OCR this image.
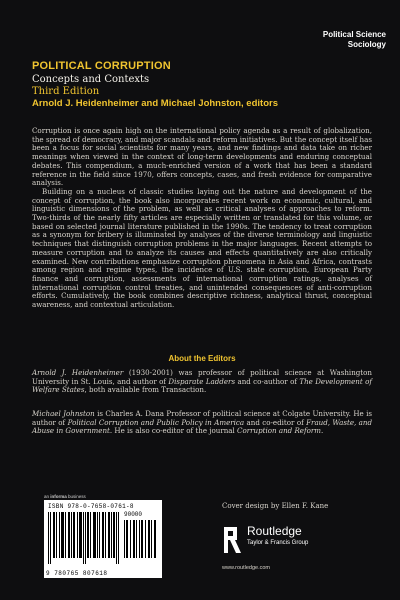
Political Science
Sociology
POLITICAL CORRUPTION
Concepts and Contexts
Third Edition
Arnold J. Heidenheimer and Michael Johnston, editors

Corruption is once again high on the international policy agenda as a result of globalization, the spread of democracy, and major scandals and reform initiatives. But the concept itself has been a focus for social scientists for many years, and new findings and data take on richer meanings when viewed in the context of long-term developments and enduring conceptual debates. This compendium, a much-enriched version of a work that has been a standard reference in the field since 1970, offers concepts, cases, and fresh evidence for comparative analysis.

Building on a nucleus of classic studies laying out the nature and development of the concept of corruption, the book also incorporates recent work on economic, cultural, and linguistic dimensions of the problem, as well as critical analyses of approaches to reform. Two-thirds of the nearly fifty articles are especially written or translated for this volume, or based on selected journal literature published in the 1990s. The tendency to treat corruption as a synonym for bribery is illuminated by analyses of the diverse terminology and linguistic techniques that distinguish corruption problems in the major languages. Recent attempts to measure corruption and to analyze its causes and effects quantitatively are also critically examined. New contributions emphasize corruption phenomena in Asia and Africa, contrasts among region and regime types, the incidence of U.S. state corruption, European Party finance and corruption, assessments of international corruption ratings, analyses of international corruption control treaties, and unintended consequences of anti-corruption efforts. Cumulatively, the book combines descriptive richness, analytical thrust, conceptual awareness, and contextual articulation.

About the Editors
Arnold J. Heidenheimer (1930-2001) was professor of political science at Washington University in St. Louis, and author of Disparate Ladders and co-author of The Development of Welfare States, both available from Transaction.
Michael Johnston is Charles A. Dana Professor of political science at Colgate University. He is author of Political Corruption and Public Policy in America and co-editor of Fraud, Waste, and Abuse in Government. He is also co-editor of the journal Corruption and Reform.
an informa business
ISBN 978-0-7658-0761-8
90000
9 780765 807618
Cover design by Ellen F. Kane
Routledge
Taylor & Francis Group
www.routledge.com
